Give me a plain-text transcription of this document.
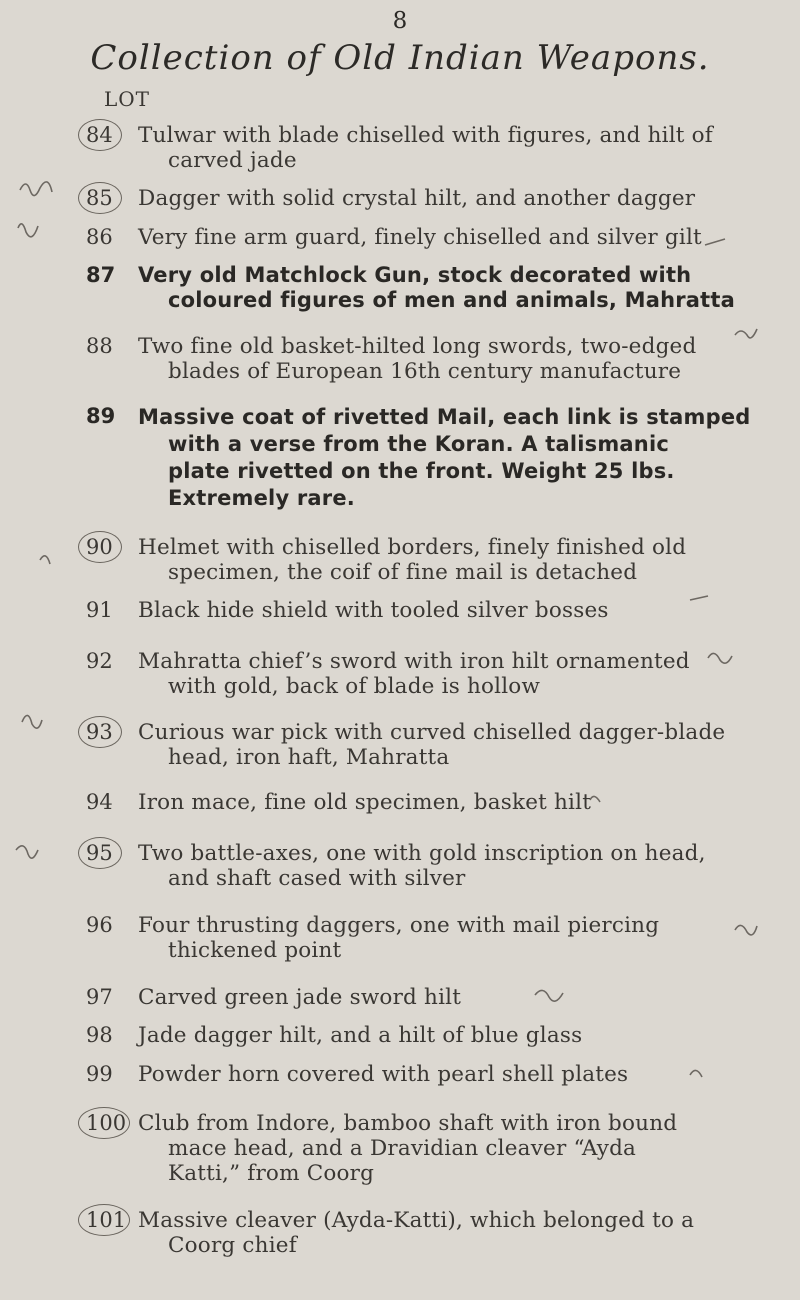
8
Collection of Old Indian Weapons.
LOT
84	Tulwar with blade chiselled with figures, and hilt of
carved jade
85	Dagger with solid crystal hilt, and another dagger
86	Very fine arm guard, finely chiselled and silver gilt
87	Very old Matchlock Gun, stock decorated with
coloured figures of men and animals, Mahratta
88	Two fine old basket-hilted long swords, two-edged
blades of European 16th century manufacture
89	Massive coat of rivetted Mail, each link is stamped
with a verse from the Koran. A talismanic
plate rivetted on the front. Weight 25 lbs.
Extremely rare.
90	Helmet with chiselled borders, finely finished old
specimen, the coif of fine mail is detached
91	Black hide shield with tooled silver bosses
92	Mahratta chief’s sword with iron hilt ornamented
with gold, back of blade is hollow
93	Curious war pick with curved chiselled dagger-blade
head, iron haft, Mahratta
94	Iron mace, fine old specimen, basket hilt
95	Two battle-axes, one with gold inscription on head,
and shaft cased with silver
96	Four thrusting daggers, one with mail piercing
thickened point
97	Carved green jade sword hilt
98	Jade dagger hilt, and a hilt of blue glass
99	Powder horn covered with pearl shell plates
100 Club from Indore, bamboo shaft with iron bound
mace head, and a Dravidian cleaver “Ayda
Katti,” from Coorg
101 Massive cleaver (Ayda-Katti), which belonged to a
Coorg chief
